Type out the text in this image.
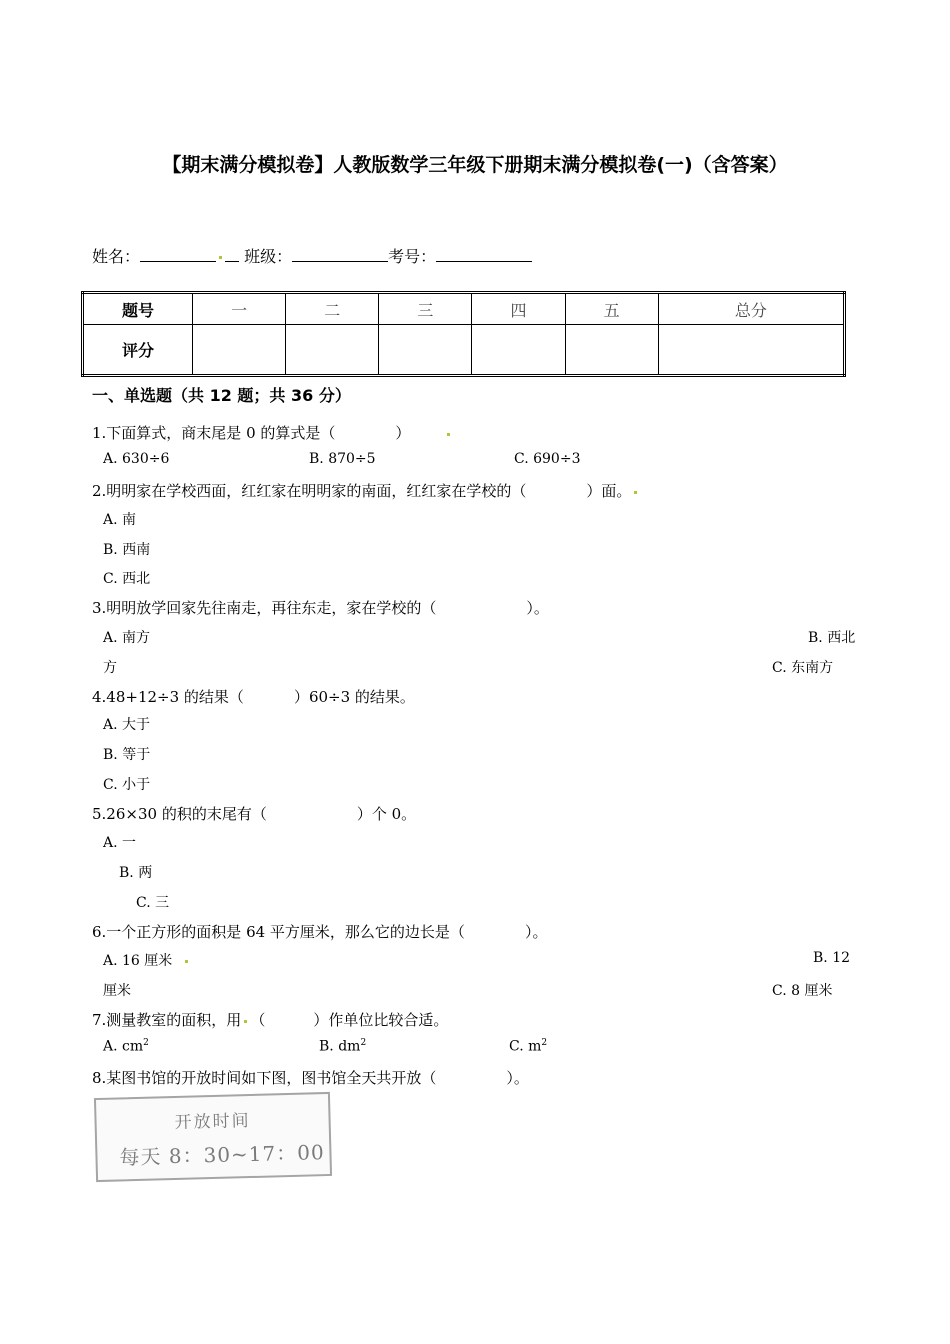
【期末满分模拟卷】人教版数学三年级下册期末满分模拟卷(一)（含答案）
姓名：	班级：	考号：
题号	一	二	三	四	五	总分
评分						
一、单选题（共 12 题；共 36 分）
1.下面算式，商末尾是 0 的算式是（	）
A. 630÷6	B. 870÷5	C. 690÷3
2.明明家在学校西面，红红家在明明家的南面，红红家在学校的（	）面。
A. 南
B. 西南
C. 西北
3.明明放学回家先往南走，再往东走，家在学校的（	）。
A. 南方	B. 西北
方	C. 东南方
4.48+12÷3 的结果（	）60÷3 的结果。
A. 大于
B. 等于
C. 小于
5.26×30 的积的末尾有（	）个 0。
A. 一
B. 两
C. 三
6.一个正方形的面积是 64 平方厘米，那么它的边长是（	）。
A. 16 厘米	B. 12
厘米	C. 8 厘米
7.测量教室的面积，用 （	）作单位比较合适。
A. $cm^2$	B. $dm^2$	C. $m^2$
8.某图书馆的开放时间如下图，图书馆全天共开放（	）。
开放时间
每天 8：30~17：00
